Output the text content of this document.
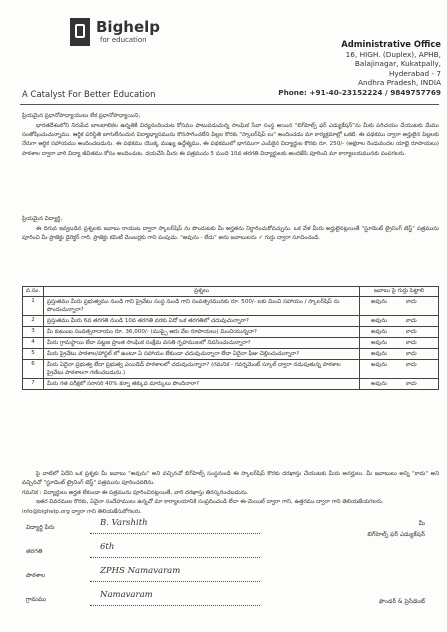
Bighelp
for education
A Catalyst For Better Education
Administrative Office
16, HIGH. (Duplex), APHB,
Balajinagar, Kukatpally,
Hyderabad - 7
Andhra Pradesh, INDIA
Phone: +91-40-23152224 / 9849757769
ప్రియమైన ప్రధానోపాధ్యాయులు లేక ప్రధానోపాధ్యాయిని,
భారతదేశంలోని నిరుపేద బాలబాలికల ఉన్నతికి విద్యనందించుట కోసము పాటుపడుచున్న సాంఘిక సేవా సంస్థ అయిన "బిగ్‌హెల్ప్ ఫర్ ఎడ్యుకేషన్"ను మీకు పరిచయం చేయుటకు మేము సంతోషించుచున్నాము. ఆర్థిక పరిస్థితి బాగులేనందున విద్యాభ్యాసమును కొనసాగించలేని పిల్లల కొరకు "స్కాలర్‌షిప్ లు" అందించడం మా కార్యక్రమాల్లో ఒకటి. ఈ పథకము ద్వారా అర్హులైన పిల్లలకు నేరుగా ఆర్థిక సహాయము అందించబడును. ఈ పథకము యొక్క ముఖ్య ఉద్దేశ్యము, ఈ పథకములో భాగముగా ఎంపికైన విద్యార్థుల కొరకు రూ. 250/- (అక్షరాల రెండువందల యాభై రూపాయలు) పాఠశాల ద్వారా వారి విద్యా జీవితము కోసం అందించుట. దయచేసి మీరు ఈ పత్రమును 5 మంది 10వ తరగతి విద్యార్థులకు అందజేసి పూరించి మా కార్యాలయమునకు పంపగలరు.
ప్రియమైన విద్యార్థి,
ఈ దిగువ ఇవ్వబడిన ప్రశ్నలకు జవాబు రాయుట ద్వారా స్కాలర్‌షిప్ ను పొందుటకు మీ అర్హతను నిర్ధారించుకోవచ్చును. ఒక వేళ మీరు అర్హులైనట్లయితే "స్టూడెంట్ ట్రైనింగ్ టెస్ట్" పత్రమును పూరించి మీ ప్రాజెక్టు డైరెక్టర్ గారి, ప్రాజెక్టు కమిటీ మెంబర్లకు గాని పంపుడు. "అవును - లేదు" అను జవాబులను ✓ గుర్తు ద్వారా సూచించండి.
వ.సం.	ప్రశ్నలు	జవాబు పై గుర్తు పెట్టాలి
1	ప్రస్తుతము మీరు ప్రభుత్వము నుండి గాని ప్రైవేటు సంస్థ నుండి గాని సంవత్సరమునకు రూ. 500/- లకు మించి సహాయం / స్కాలర్‌షిప్ ను పొందుచున్నారా?	అవును కాదు
2	ప్రస్తుతము మీరు 6వ తరగతి నుండి 10వ తరగతి వరకు ఏదో ఒక తరగతిలో చదువుచున్నారా?	అవును కాదు
3	మీ కుటుంబ సంవత్సరాదాయం రూ. 36,000/- (ముప్పై ఆరు వేల రూపాయలు) మించియున్నదా?	అవును కాదు
4	మీరు గ్రామస్థాయి లేదా పట్టణ ప్రాంత సాంఘిక సంక్షేమ వసతి గృహములలో నివసించుచున్నారా?	అవును కాదు
5	మీరు ప్రైవేటు పాఠశాల/హాస్టల్ లో ఉంటూ ఏ సహాయం లేకుండా చదువుచున్నారా లేదా ఏదైనా ఫీజు చెల్లించుచున్నారా?	అవును కాదు
6	మీరు ఏదైనా ప్రభుత్వ లేదా ప్రభుత్వ ఎయిడెడ్ పాఠశాలలో చదువుచున్నారా? (గమనిక - గవర్నమెంట్ స్కూల్ ద్వారా నడుపుతున్న పాఠశాల ప్రైవేటు పాఠశాలగా గణించబడును.)	అవును కాదు
7	మీరు గత పరీక్షలో సరాసరి 40% కన్నా తక్కువ మార్కులు పొందినారా?	అవును కాదు
పై వాటిలో ఏదేని ఒక ప్రశ్నకు మీ జవాబు "అవును" అని వచ్చినచో బిగ్‌హెల్ప్ సంస్థనుండి ఈ స్కాలర్‌షిప్ కొరకు దరఖాస్తు చేయుటకు మీరు అనర్హులు. మీ జవాబులు అన్ని "కాదు" అని వచ్చినచో "స్టూడెంట్ ట్రైనింగ్ టెస్ట్" పత్రమును పూరించవలెను.
గమనిక : విద్యార్థులు అర్హత లేకుండా ఈ పత్రమును పూరించినట్లయితే, వారి దరఖాస్తు తిరస్కరించబడును.
ఇతర వివరముల కొరకు, ఏవైనా సందేహములు ఉన్నచో మా కార్యాలయానికి సంప్రదించండి లేదా ఈ-మెయిల్ ద్వారా గాని, ఉత్తరము ద్వారా గాని తెలియజేయగలరు.
info@bighelp.org ద్వారా గాని తెలియజేసుకోగలరు.
విద్యార్థి పేరు	B. Varshith
తరగతి	6th
పాఠశాల	ZPHS Namavaram
గ్రామము	Namavaram
మీ
బిగ్‌హెల్ప్ ఫర్ ఎడ్యుకేషన్
ఫౌండర్ & ప్రెసిడెంట్
